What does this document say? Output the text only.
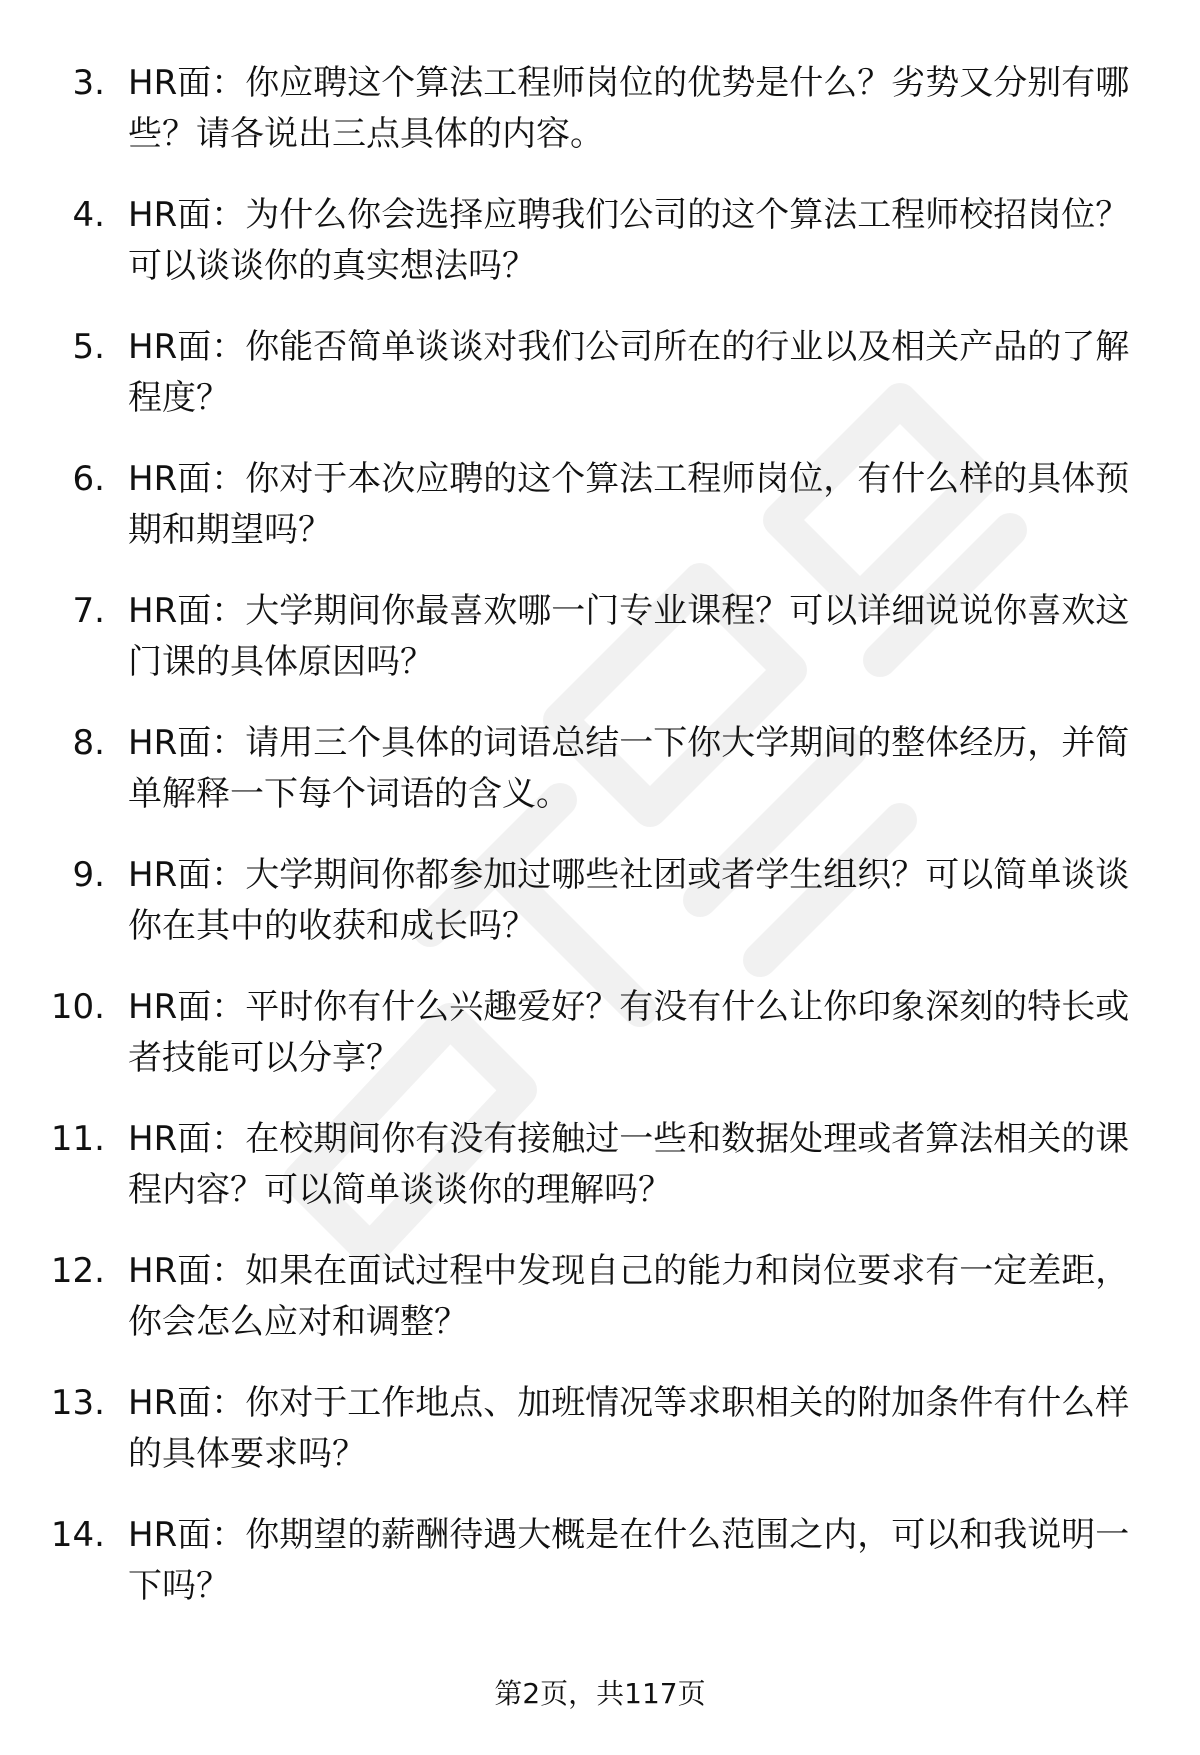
3. HR面：你应聘这个算法工程师岗位的优势是什么？劣势又分别有哪些？请各说出三点具体的内容。

4. HR面：为什么你会选择应聘我们公司的这个算法工程师校招岗位？可以谈谈你的真实想法吗？

5. HR面：你能否简单谈谈对我们公司所在的行业以及相关产品的了解程度？

6. HR面：你对于本次应聘的这个算法工程师岗位，有什么样的具体预期和期望吗？

7. HR面：大学期间你最喜欢哪一门专业课程？可以详细说说你喜欢这门课的具体原因吗？

8. HR面：请用三个具体的词语总结一下你大学期间的整体经历，并简单解释一下每个词语的含义。

9. HR面：大学期间你都参加过哪些社团或者学生组织？可以简单谈谈你在其中的收获和成长吗？

10. HR面：平时你有什么兴趣爱好？有没有什么让你印象深刻的特长或者技能可以分享？

11. HR面：在校期间你有没有接触过一些和数据处理或者算法相关的课程内容？可以简单谈谈你的理解吗？

12. HR面：如果在面试过程中发现自己的能力和岗位要求有一定差距，你会怎么应对和调整？

13. HR面：你对于工作地点、加班情况等求职相关的附加条件有什么样的具体要求吗？

14. HR面：你期望的薪酬待遇大概是在什么范围之内，可以和我说明一下吗？

第2页，共117页
